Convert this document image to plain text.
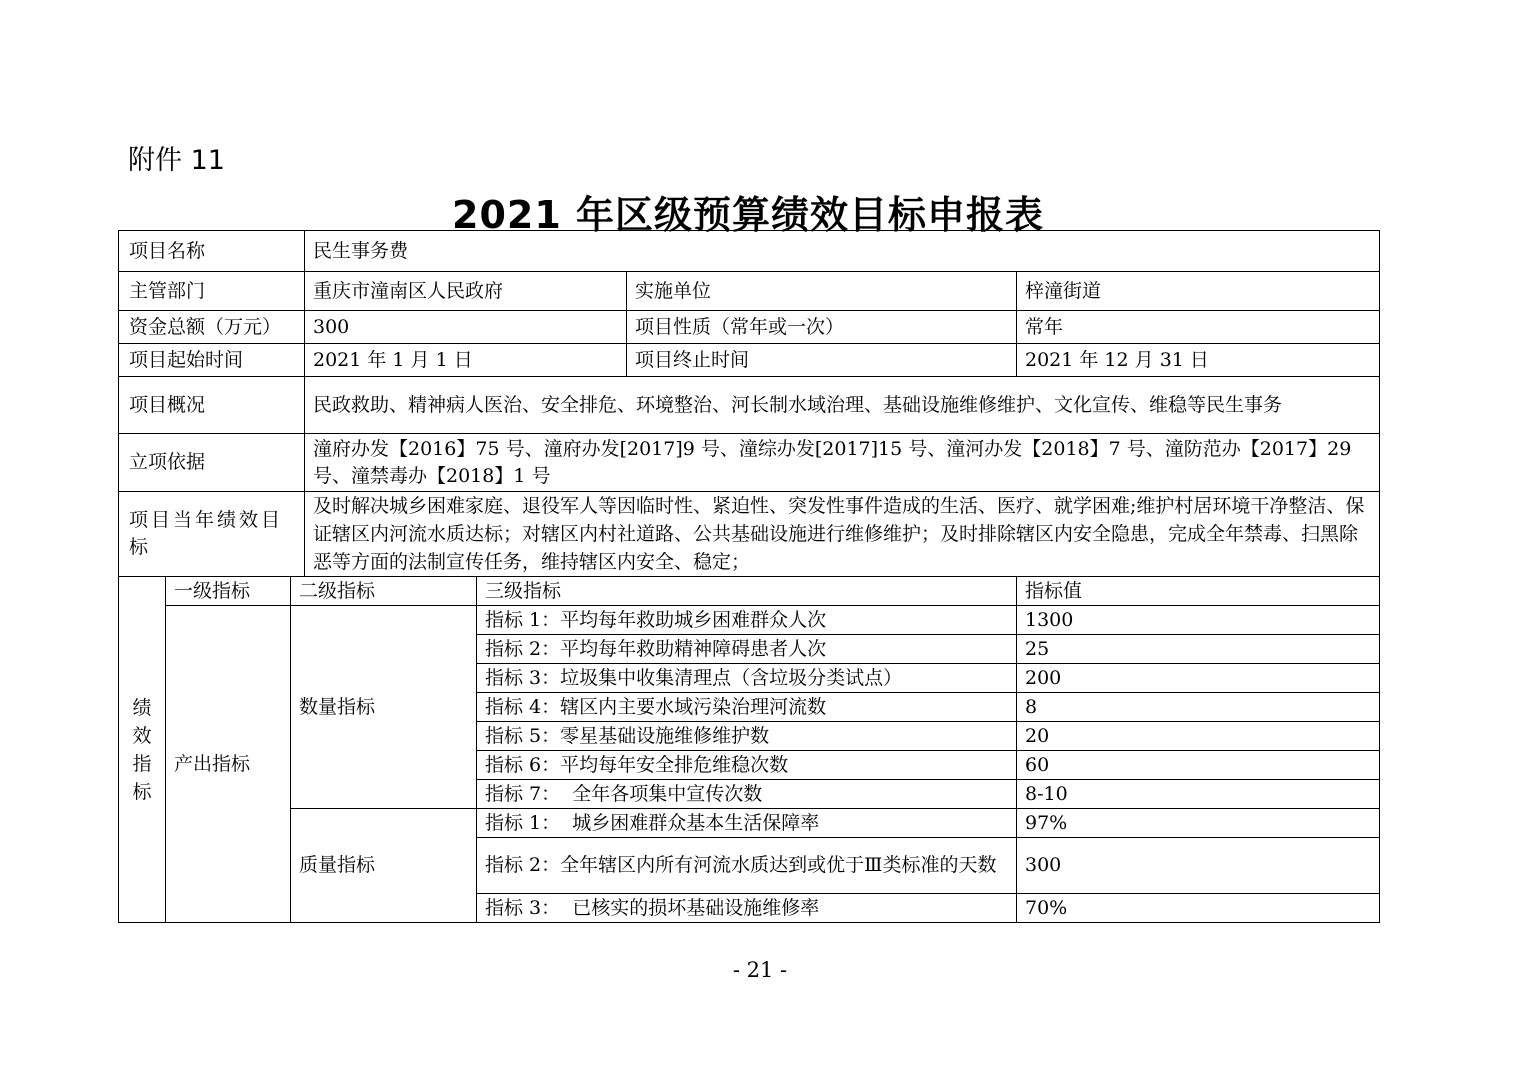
附件 11
2021 年区级预算绩效目标申报表
项目名称			民生事务费			
主管部门			重庆市潼南区人民政府		实施单位	梓潼街道
资金总额（万元）			300		项目性质（常年或一次）	常年
项目起始时间			2021 年 1 月 1 日		项目终止时间	2021 年 12 月 31 日
项目概况			民政救助、精神病人医治、安全排危、环境整治、河长制水域治理、基础设施维修维护、文化宣传、维稳等民生事务			
立项依据			潼府办发【2016】75 号、潼府办发[2017]9 号、潼综办发[2017]15 号、潼河办发【2018】7 号、潼防范办【2017】29 号、潼禁毒办【2018】1 号			
项目当年绩效目标			及时解决城乡困难家庭、退役军人等因临时性、紧迫性、突发性事件造成的生活、医疗、就学困难;维护村居环境干净整洁、保证辖区内河流水质达标；对辖区内村社道路、公共基础设施进行维修维护；及时排除辖区内安全隐患，完成全年禁毒、扫黑除恶等方面的法制宣传任务，维持辖区内安全、稳定；			

绩
效
指
标	一级指标	二级指标		三级指标		指标值
	产出指标	数量指标		指标 1：平均每年救助城乡困难群众人次		1300
				指标 2：平均每年救助精神障碍患者人次		25
				指标 3：垃圾集中收集清理点（含垃圾分类试点）		200
				指标 4：辖区内主要水域污染治理河流数		8
				指标 5：零星基础设施维修维护数		20
				指标 6：平均每年安全排危维稳次数		60
				指标 7：  全年各项集中宣传次数		8-10
		质量指标		指标 1：  城乡困难群众基本生活保障率		97%
				指标 2：全年辖区内所有河流水质达到或优于Ⅲ类标准的天数		300
				指标 3：  已核实的损坏基础设施维修率		70%
- 21 -
